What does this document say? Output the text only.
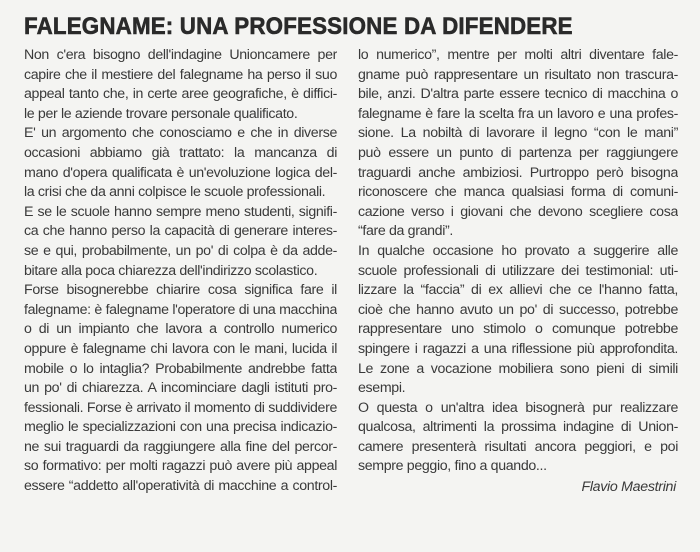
FALEGNAME: UNA PROFESSIONE DA DIFENDERE
Non c'era bisogno dell'indagine Unioncamere per
capire che il mestiere del falegname ha perso il suo
appeal tanto che, in certe aree geografiche, è diffici-
le per le aziende trovare personale qualificato.
E' un argomento che conosciamo e che in diverse
occasioni abbiamo già trattato: la mancanza di
mano d'opera qualificata è un'evoluzione logica del-
la crisi che da anni colpisce le scuole professionali.
E se le scuole hanno sempre meno studenti, signifi-
ca che hanno perso la capacità di generare interes-
se e qui, probabilmente, un po' di colpa è da adde-
bitare alla poca chiarezza dell'indirizzo scolastico.
Forse bisognerebbe chiarire cosa significa fare il
falegname: è falegname l'operatore di una macchina
o di un impianto che lavora a controllo numerico
oppure è falegname chi lavora con le mani, lucida il
mobile o lo intaglia? Probabilmente andrebbe fatta
un po' di chiarezza. A incominciare dagli istituti pro-
fessionali. Forse è arrivato il momento di suddividere
meglio le specializzazioni con una precisa indicazio-
ne sui traguardi da raggiungere alla fine del percor-
so formativo: per molti ragazzi può avere più appeal
essere “addetto all'operatività di macchine a control-
lo numerico”, mentre per molti altri diventare fale-
gname può rappresentare un risultato non trascura-
bile, anzi. D'altra parte essere tecnico di macchina o
falegname è fare la scelta fra un lavoro e una profes-
sione. La nobiltà di lavorare il legno “con le mani”
può essere un punto di partenza per raggiungere
traguardi anche ambiziosi. Purtroppo però bisogna
riconoscere che manca qualsiasi forma di comuni-
cazione verso i giovani che devono scegliere cosa
“fare da grandi”.
In qualche occasione ho provato a suggerire alle
scuole professionali di utilizzare dei testimonial: uti-
lizzare la “faccia” di ex allievi che ce l'hanno fatta,
cioè che hanno avuto un po' di successo, potrebbe
rappresentare uno stimolo o comunque potrebbe
spingere i ragazzi a una riflessione più approfondita.
Le zone a vocazione mobiliera sono pieni di simili
esempi.
O questa o un'altra idea bisognerà pur realizzare
qualcosa, altrimenti la prossima indagine di Union-
camere presenterà risultati ancora peggiori, e poi
sempre peggio, fino a quando...
Flavio Maestrini
